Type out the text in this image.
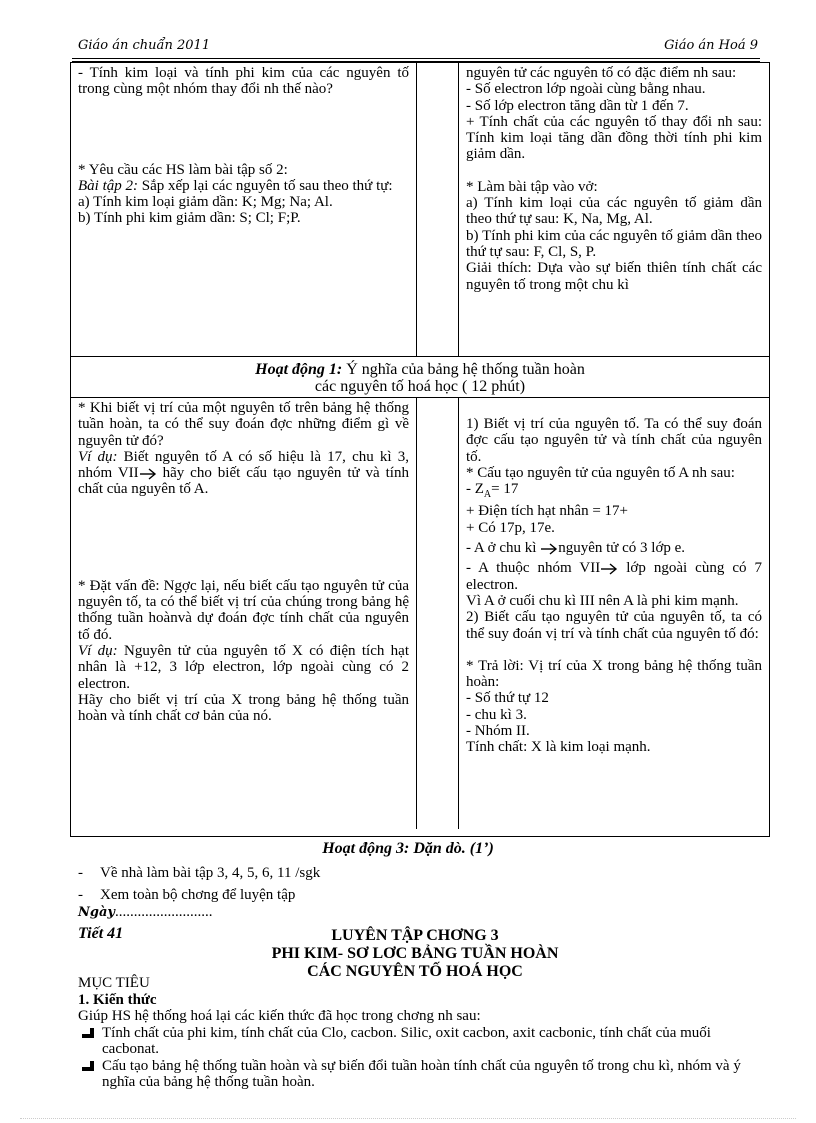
Giáo án chuẩn 2011	Giáo án Hoá 9

- Tính kim loại và tính phi kim của các nguyên tố trong cùng một nhóm thay đổi nh thế nào?

* Yêu cầu các HS làm bài tập số 2:

Bài tập 2: Sắp xếp lại các nguyên tố sau theo thứ tự:

a) Tính kim loại giảm dần: K; Mg; Na; Al.

b) Tính phi kim giảm dần: S; Cl; F;P.

nguyên tử các nguyên tố có đặc điểm nh sau:

- Số electron lớp ngoài cùng bằng nhau.

- Số lớp electron tăng dần từ 1 đến 7.

+ Tính chất của các nguyên tố thay đổi nh sau: Tính kim loại tăng dần đồng thời tính phi kim giảm dần.

* Làm bài tập vào vở:

a) Tính kim loại của các nguyên tố giảm dần theo thứ tự sau: K, Na, Mg, Al.

b) Tính phi kim của các nguyên tố giảm dần theo thứ tự sau: F, Cl, S, P.

Giải thích: Dựa vào sự biến thiên tính chất các nguyên tố trong một chu kì

Hoạt động 1: Ý nghĩa của bảng hệ thống tuần hoàn
các nguyên tố hoá học ( 12 phút)

* Khi biết vị trí của một nguyên tố trên bảng hệ thống tuần hoàn, ta có thể suy đoán đợc những điểm gì về nguyên tử đó?

Ví dụ: Biết nguyên tố A có số hiệu là 17, chu kì 3, nhóm VII hãy cho biết cấu tạo nguyên tử và tính chất của nguyên tố A.

* Đặt vấn đề: Ngợc lại, nếu biết cấu tạo nguyên tử của nguyên tố, ta có thể biết vị trí của chúng trong bảng hệ thống tuần hoànvà dự đoán đợc tính chất của nguyên tố đó.

Ví dụ: Nguyên tử của nguyên tố X có điện tích hạt nhân là +12, 3 lớp electron, lớp ngoài cùng có 2 electron.

Hãy cho biết vị trí của X trong bảng hệ thống tuần hoàn và tính chất cơ bản của nó.

1) Biết vị trí của nguyên tố. Ta có thể suy đoán đợc cấu tạo nguyên tử và tính chất của nguyên tố.

* Cấu tạo nguyên tử của nguyên tố A nh sau:

- $Z_A= 17$

+ Điện tích hạt nhân = 17+

+ Có 17p, 17e.

- A ở chu kì nguyên tử có 3 lớp e.

- A thuộc nhóm VII lớp ngoài cùng có 7 electron.

Vì A ở cuối chu kì III nên A là phi kim mạnh.

2) Biết cấu tạo nguyên tử của nguyên tố, ta có thể suy đoán vị trí và tính chất của nguyên tố đó:

* Trả lời: Vị trí của X trong bảng hệ thống tuần hoàn:

- Số thứ tự 12

- chu kì 3.

- Nhóm II.

Tính chất: X là kim loại mạnh.

Hoạt động 3: Dặn dò. (1’)
- Về nhà làm bài tập 3, 4, 5, 6, 11 /sgk
- Xem toàn bộ chơng để luyện tập
Ngày..........................
Tiết 41	LUYÊN TẬP CHƠNG 3
PHI KIM- SƠ LƠC BẢNG TUẦN HOÀN
CÁC NGUYÊN TỐ HOÁ HỌC
MỤC TIÊU
1. Kiến thức
Giúp HS hệ thống hoá lại các kiến thức đã học trong chơng nh sau:
Tính chất của phi kim, tính chất của Clo, cacbon. Silic, oxit cacbon, axit cacbonic, tính chất của muối cacbonat.
Cấu tạo bảng hệ thống tuần hoàn và sự biến đổi tuần hoàn tính chất của nguyên tố trong chu kì, nhóm và ý nghĩa của bảng hệ thống tuần hoàn.
